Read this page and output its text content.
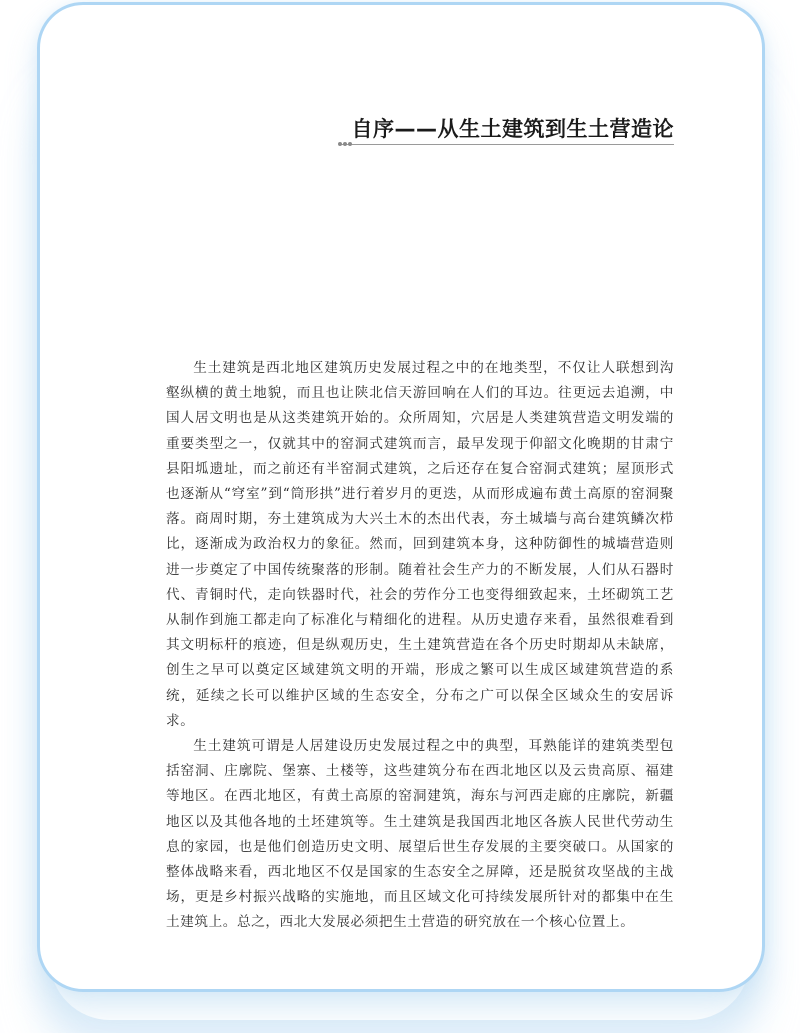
自序——从生土建筑到生土营造论

生土建筑是西北地区建筑历史发展过程之中的在地类型，不仅让人联想到沟壑纵横的黄土地貌，而且也让陕北信天游回响在人们的耳边。往更远去追溯，中国人居文明也是从这类建筑开始的。众所周知，穴居是人类建筑营造文明发端的重要类型之一，仅就其中的窑洞式建筑而言，最早发现于仰韶文化晚期的甘肃宁县阳坬遗址，而之前还有半窑洞式建筑，之后还存在复合窑洞式建筑；屋顶形式也逐渐从“穹室”到“筒形拱”进行着岁月的更迭，从而形成遍布黄土高原的窑洞聚落。商周时期，夯土建筑成为大兴土木的杰出代表，夯土城墙与高台建筑鳞次栉比，逐渐成为政治权力的象征。然而，回到建筑本身，这种防御性的城墙营造则进一步奠定了中国传统聚落的形制。随着社会生产力的不断发展，人们从石器时代、青铜时代，走向铁器时代，社会的劳作分工也变得细致起来，土坯砌筑工艺从制作到施工都走向了标准化与精细化的进程。从历史遗存来看，虽然很难看到其文明标杆的痕迹，但是纵观历史，生土建筑营造在各个历史时期却从未缺席，创生之早可以奠定区域建筑文明的开端，形成之繁可以生成区域建筑营造的系统，延续之长可以维护区域的生态安全，分布之广可以保全区域众生的安居诉求。

生土建筑可谓是人居建设历史发展过程之中的典型，耳熟能详的建筑类型包括窑洞、庄廓院、堡寨、土楼等，这些建筑分布在西北地区以及云贵高原、福建等地区。在西北地区，有黄土高原的窑洞建筑，海东与河西走廊的庄廓院，新疆地区以及其他各地的土坯建筑等。生土建筑是我国西北地区各族人民世代劳动生息的家园，也是他们创造历史文明、展望后世生存发展的主要突破口。从国家的整体战略来看，西北地区不仅是国家的生态安全之屏障，还是脱贫攻坚战的主战场，更是乡村振兴战略的实施地，而且区域文化可持续发展所针对的都集中在生土建筑上。总之，西北大发展必须把生土营造的研究放在一个核心位置上。
